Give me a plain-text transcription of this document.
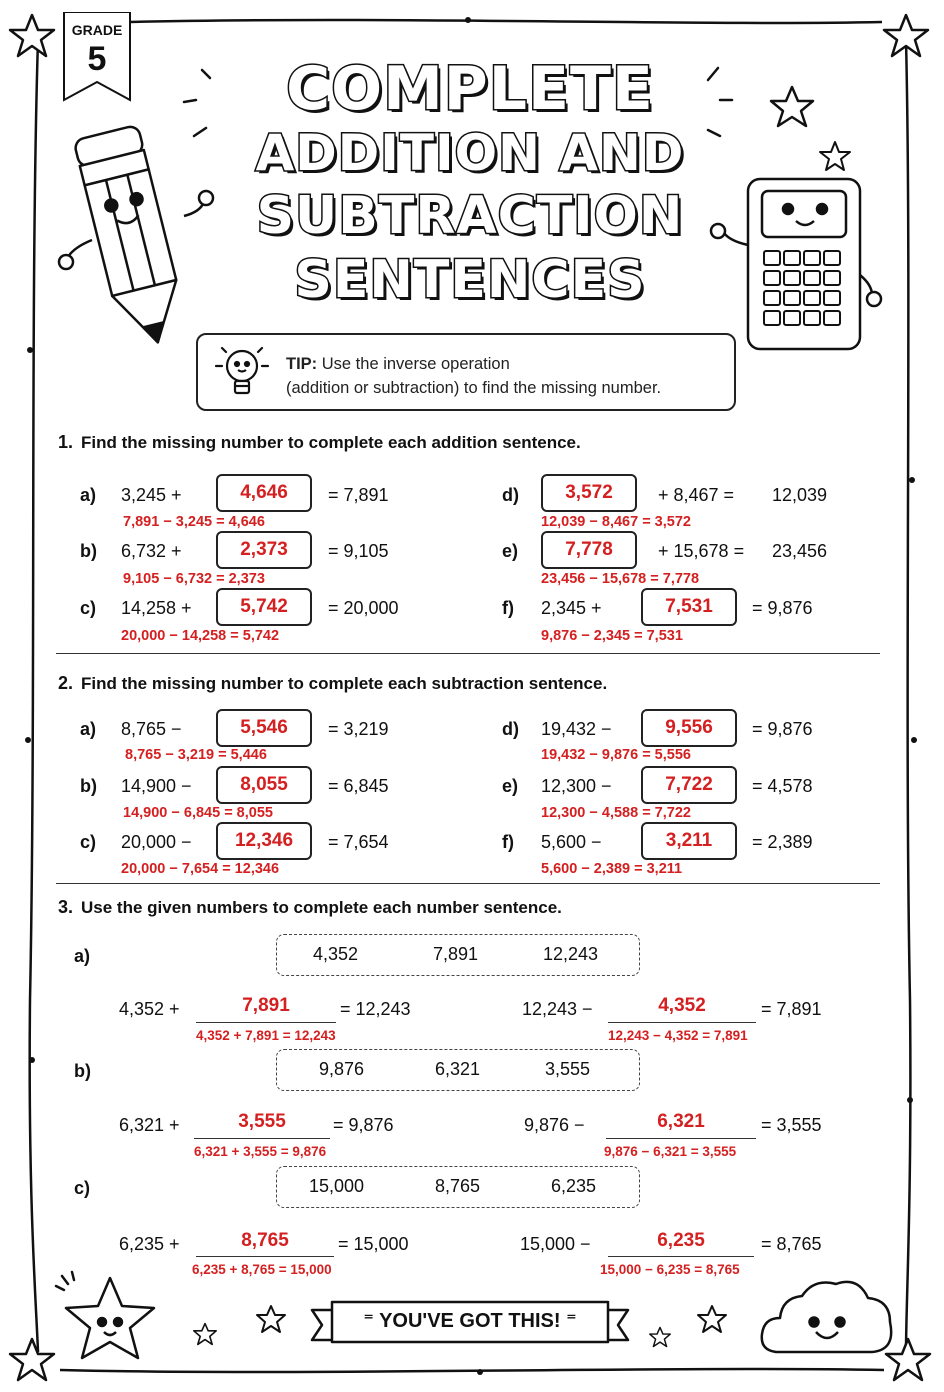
GRADE
5	COMPLETE
ADDITION AND
SUBTRACTION
SENTENCES
TIP: Use the inverse operation
(addition or subtraction) to find the missing number.
1. Find the missing number to complete each addition sentence.
a) 3,245 +	4,646	= 7,891
7,891 − 3,245 = 4,646
b) 6,732 +	2,373	= 9,105
9,105 − 6,732 = 2,373
c) 14,258 +	5,742	= 20,000
20,000 − 14,258 = 5,742
d)	3,572	+ 8,467 = 12,039
12,039 − 8,467 = 3,572
e)	7,778	+ 15,678 = 23,456
23,456 − 15,678 = 7,778
f) 2,345 +	7,531	= 9,876
9,876 − 2,345 = 7,531
2. Find the missing number to complete each subtraction sentence.
a) 8,765 −	5,546	= 3,219
8,765 − 3,219 = 5,446
b) 14,900 −	8,055	= 6,845
14,900 − 6,845 = 8,055
c) 20,000 −	12,346	= 7,654
20,000 − 7,654 = 12,346
d) 19,432 −	9,556	= 9,876
19,432 − 9,876 = 5,556
e) 12,300 −	7,722	= 4,578
12,300 − 4,588 = 7,722
f) 5,600 −	3,211	= 2,389
5,600 − 2,389 = 3,211
3. Use the given numbers to complete each number sentence.
a)	4,352	7,891	12,243
4,352 +	7,891	= 12,243
4,352 + 7,891 = 12,243
12,243 −	4,352	= 7,891
12,243 − 4,352 = 7,891
b)	9,876	6,321	3,555
6,321 +	3,555	= 9,876
6,321 + 3,555 = 9,876
9,876 −	6,321	= 3,555
9,876 − 6,321 = 3,555
c)	15,000	8,765	6,235
6,235 +	8,765	= 15,000
6,235 + 8,765 = 15,000
15,000 −	6,235	= 8,765
15,000 − 6,235 = 8,765
⁼ YOU'VE GOT THIS! ⁼
